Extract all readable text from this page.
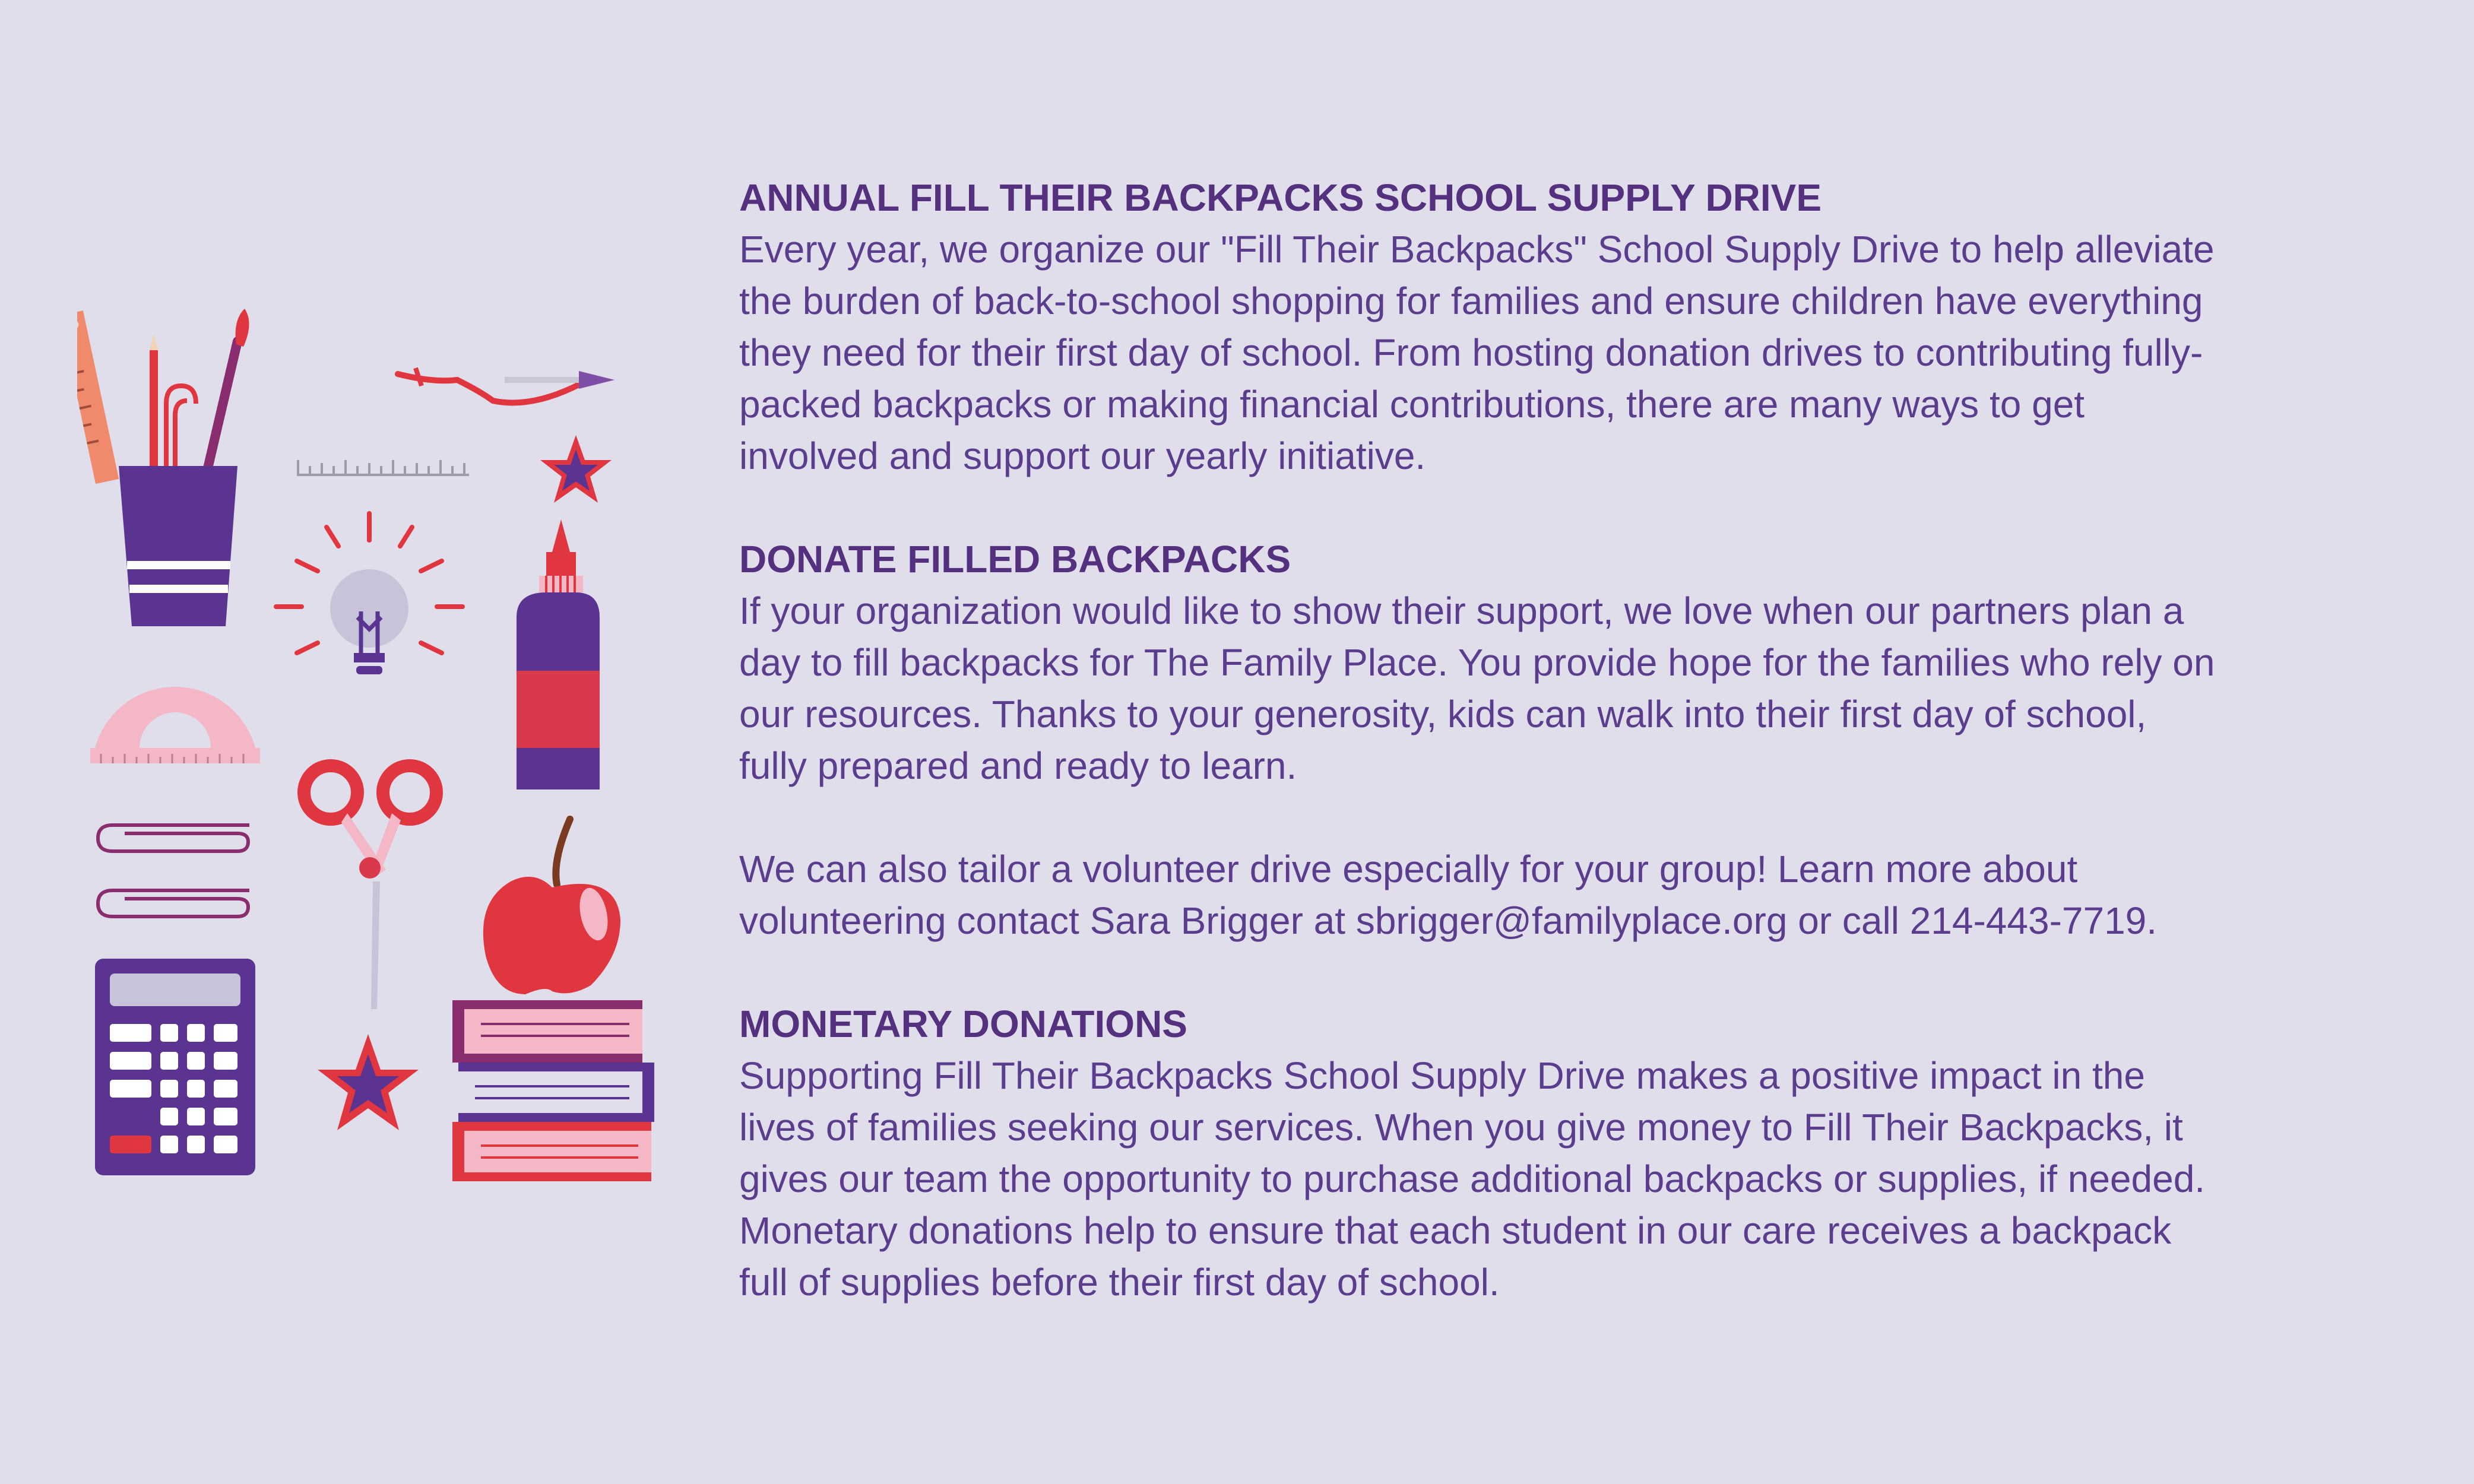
ANNUAL FILL THEIR BACKPACKS SCHOOL SUPPLY DRIVE

Every year, we organize our "Fill Their Backpacks" School Supply Drive to help alleviate
the burden of back-to-school shopping for families and ensure children have everything
they need for their first day of school. From hosting donation drives to contributing fully-
packed backpacks or making financial contributions, there are many ways to get
involved and support our yearly initiative.

DONATE FILLED BACKPACKS

If your organization would like to show their support, we love when our partners plan a
day to fill backpacks for The Family Place. You provide hope for the families who rely on
our resources. Thanks to your generosity, kids can walk into their first day of school,
fully prepared and ready to learn.

We can also tailor a volunteer drive especially for your group! Learn more about
volunteering contact Sara Brigger at sbrigger@familyplace.org or call 214-443-7719.

MONETARY DONATIONS

Supporting Fill Their Backpacks School Supply Drive makes a positive impact in the
lives of families seeking our services. When you give money to Fill Their Backpacks, it
gives our team the opportunity to purchase additional backpacks or supplies, if needed.
Monetary donations help to ensure that each student in our care receives a backpack
full of supplies before their first day of school.
